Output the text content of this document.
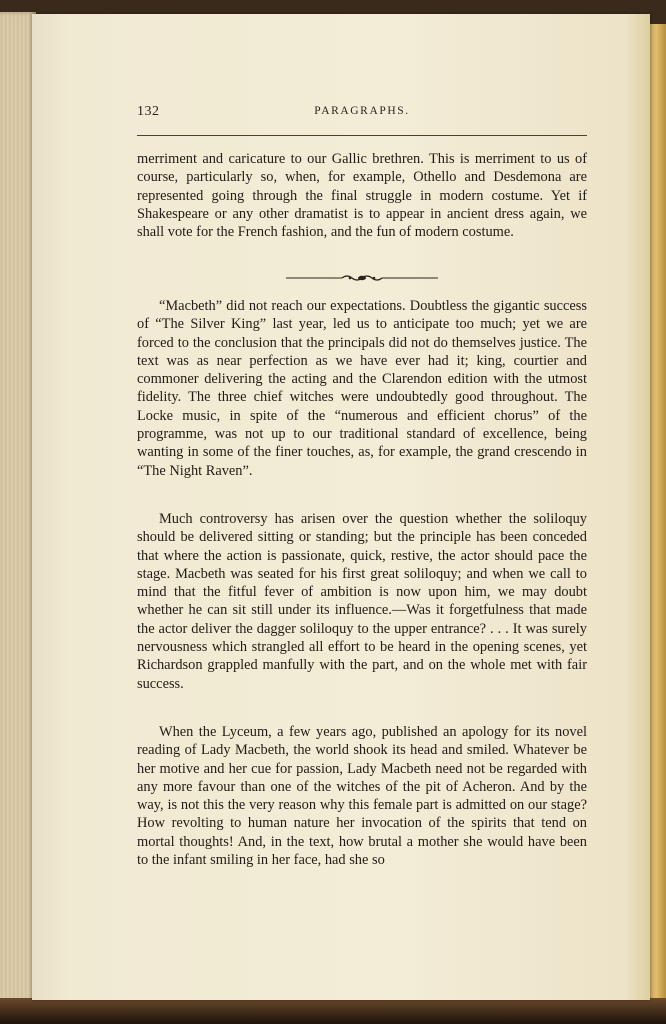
132	PARAGRAPHS.

merriment and caricature to our Gallic brethren. This is merriment to us of course, particularly so, when, for example, Othello and Desdemona are represented going through the final struggle in modern costume. Yet if Shakespeare or any other dramatist is to appear in ancient dress again, we shall vote for the French fashion, and the fun of modern costume.

“Macbeth” did not reach our expectations. Doubtless the gigantic success of “The Silver King” last year, led us to anticipate too much; yet we are forced to the conclusion that the principals did not do themselves justice. The text was as near perfection as we have ever had it; king, courtier and commoner delivering the acting and the Clarendon edition with the utmost fidelity. The three chief witches were undoubtedly good throughout. The Locke music, in spite of the “numerous and efficient chorus” of the programme, was not up to our traditional standard of excellence, being wanting in some of the finer touches, as, for example, the grand crescendo in “The Night Raven”.

Much controversy has arisen over the question whether the soliloquy should be delivered sitting or standing; but the principle has been conceded that where the action is passionate, quick, restive, the actor should pace the stage. Macbeth was seated for his first great soliloquy; and when we call to mind that the fitful fever of ambition is now upon him, we may doubt whether he can sit still under its influence.—Was it forgetfulness that made the actor deliver the dagger soliloquy to the upper entrance? . . . It was surely nervousness which strangled all effort to be heard in the opening scenes, yet Richardson grappled manfully with the part, and on the whole met with fair success.

When the Lyceum, a few years ago, published an apology for its novel reading of Lady Macbeth, the world shook its head and smiled. Whatever be her motive and her cue for passion, Lady Macbeth need not be regarded with any more favour than one of the witches of the pit of Acheron. And by the way, is not this the very reason why this female part is admitted on our stage? How revolting to human nature her invocation of the spirits that tend on mortal thoughts! And, in the text, how brutal a mother she would have been to the infant smiling in her face, had she so
